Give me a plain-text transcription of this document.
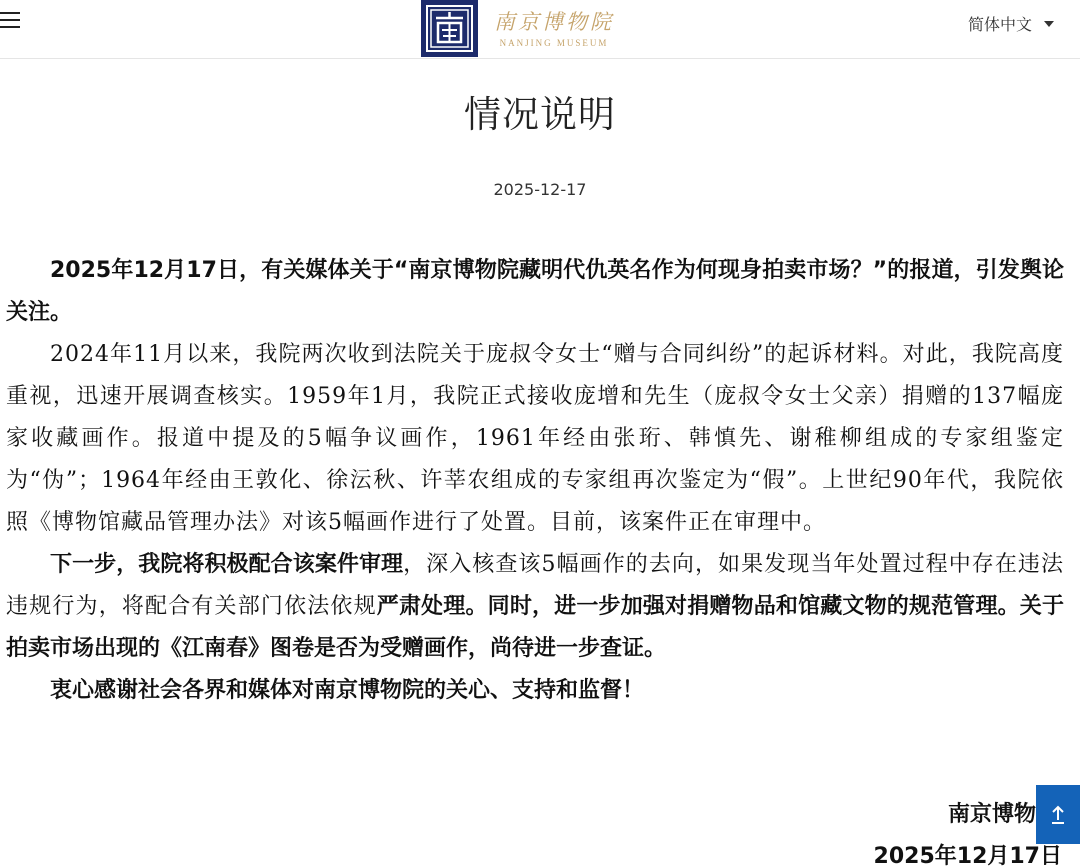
南京博物院
NANJING MUSEUM
简体中文
情况说明
2025-12-17

2025年12月17日，有关媒体关于“南京博物院藏明代仇英名作为何现身拍卖市场？”的报道，引发舆论关注。

2024年11月以来，我院两次收到法院关于庞叔令女士“赠与合同纠纷”的起诉材料。对此，我院高度重视，迅速开展调查核实。1959年1月，我院正式接收庞增和先生（庞叔令女士父亲）捐赠的137幅庞家收藏画作。报道中提及的5幅争议画作，1961年经由张珩、韩慎先、谢稚柳组成的专家组鉴定为“伪”；1964年经由王敦化、徐沄秋、许莘农组成的专家组再次鉴定为“假”。上世纪90年代，我院依照《博物馆藏品管理办法》对该5幅画作进行了处置。目前，该案件正在审理中。

下一步，我院将积极配合该案件审理，深入核查该5幅画作的去向，如果发现当年处置过程中存在违法违规行为，将配合有关部门依法依规严肃处理。同时，进一步加强对捐赠物品和馆藏文物的规范管理。关于拍卖市场出现的《江南春》图卷是否为受赠画作，尚待进一步查证。

衷心感谢社会各界和媒体对南京博物院的关心、支持和监督！

南京博物
2025年12月17日
